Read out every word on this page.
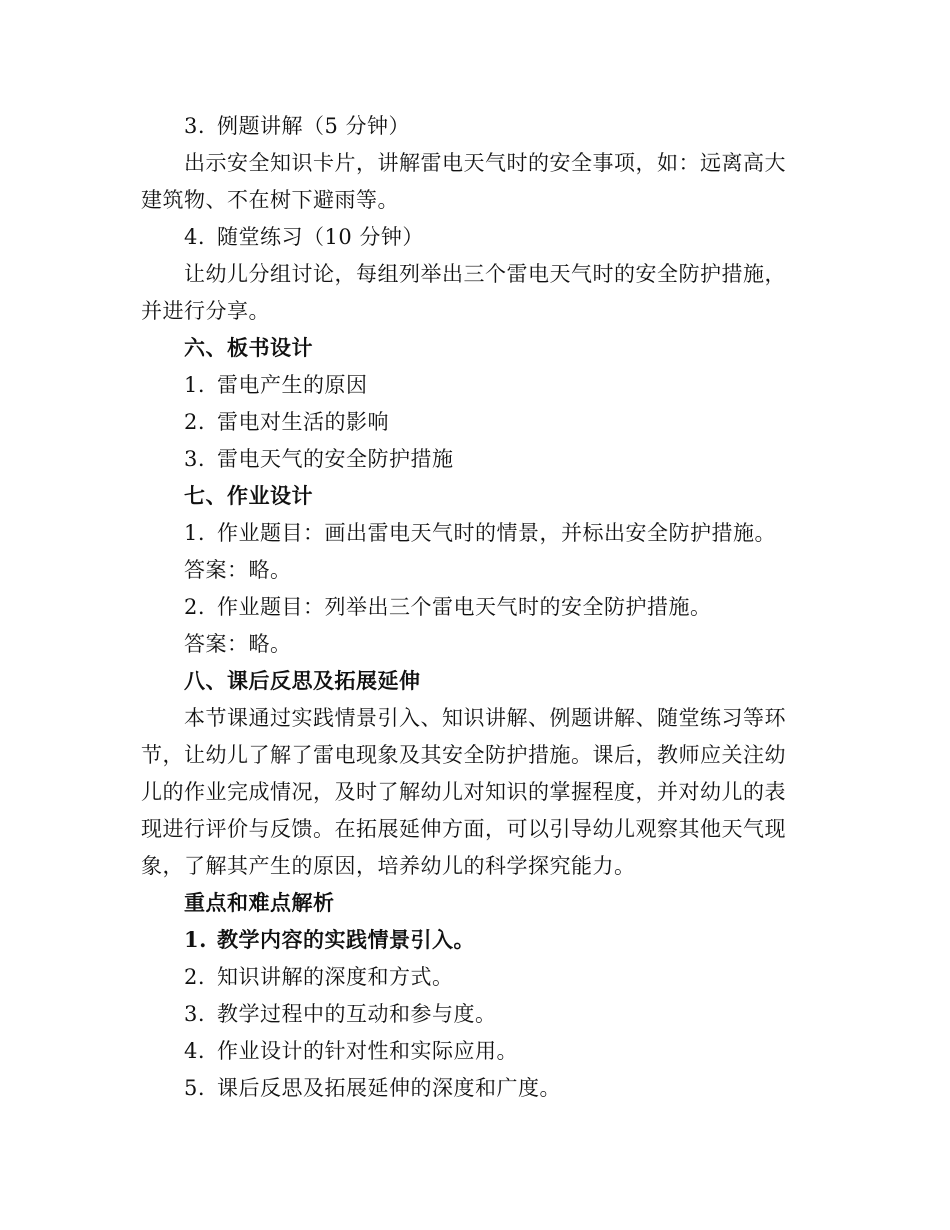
3. 例题讲解（5 分钟）
出示安全知识卡片，讲解雷电天气时的安全事项，如：远离高大
建筑物、不在树下避雨等。
4. 随堂练习（10 分钟）
让幼儿分组讨论，每组列举出三个雷电天气时的安全防护措施，
并进行分享。
六、板书设计
1. 雷电产生的原因
2. 雷电对生活的影响
3. 雷电天气的安全防护措施
七、作业设计
1. 作业题目：画出雷电天气时的情景，并标出安全防护措施。
答案：略。
2. 作业题目：列举出三个雷电天气时的安全防护措施。
答案：略。
八、课后反思及拓展延伸
本节课通过实践情景引入、知识讲解、例题讲解、随堂练习等环
节，让幼儿了解了雷电现象及其安全防护措施。课后，教师应关注幼
儿的作业完成情况，及时了解幼儿对知识的掌握程度，并对幼儿的表
现进行评价与反馈。在拓展延伸方面，可以引导幼儿观察其他天气现
象，了解其产生的原因，培养幼儿的科学探究能力。
重点和难点解析
1. 教学内容的实践情景引入。
2. 知识讲解的深度和方式。
3. 教学过程中的互动和参与度。
4. 作业设计的针对性和实际应用。
5. 课后反思及拓展延伸的深度和广度。
